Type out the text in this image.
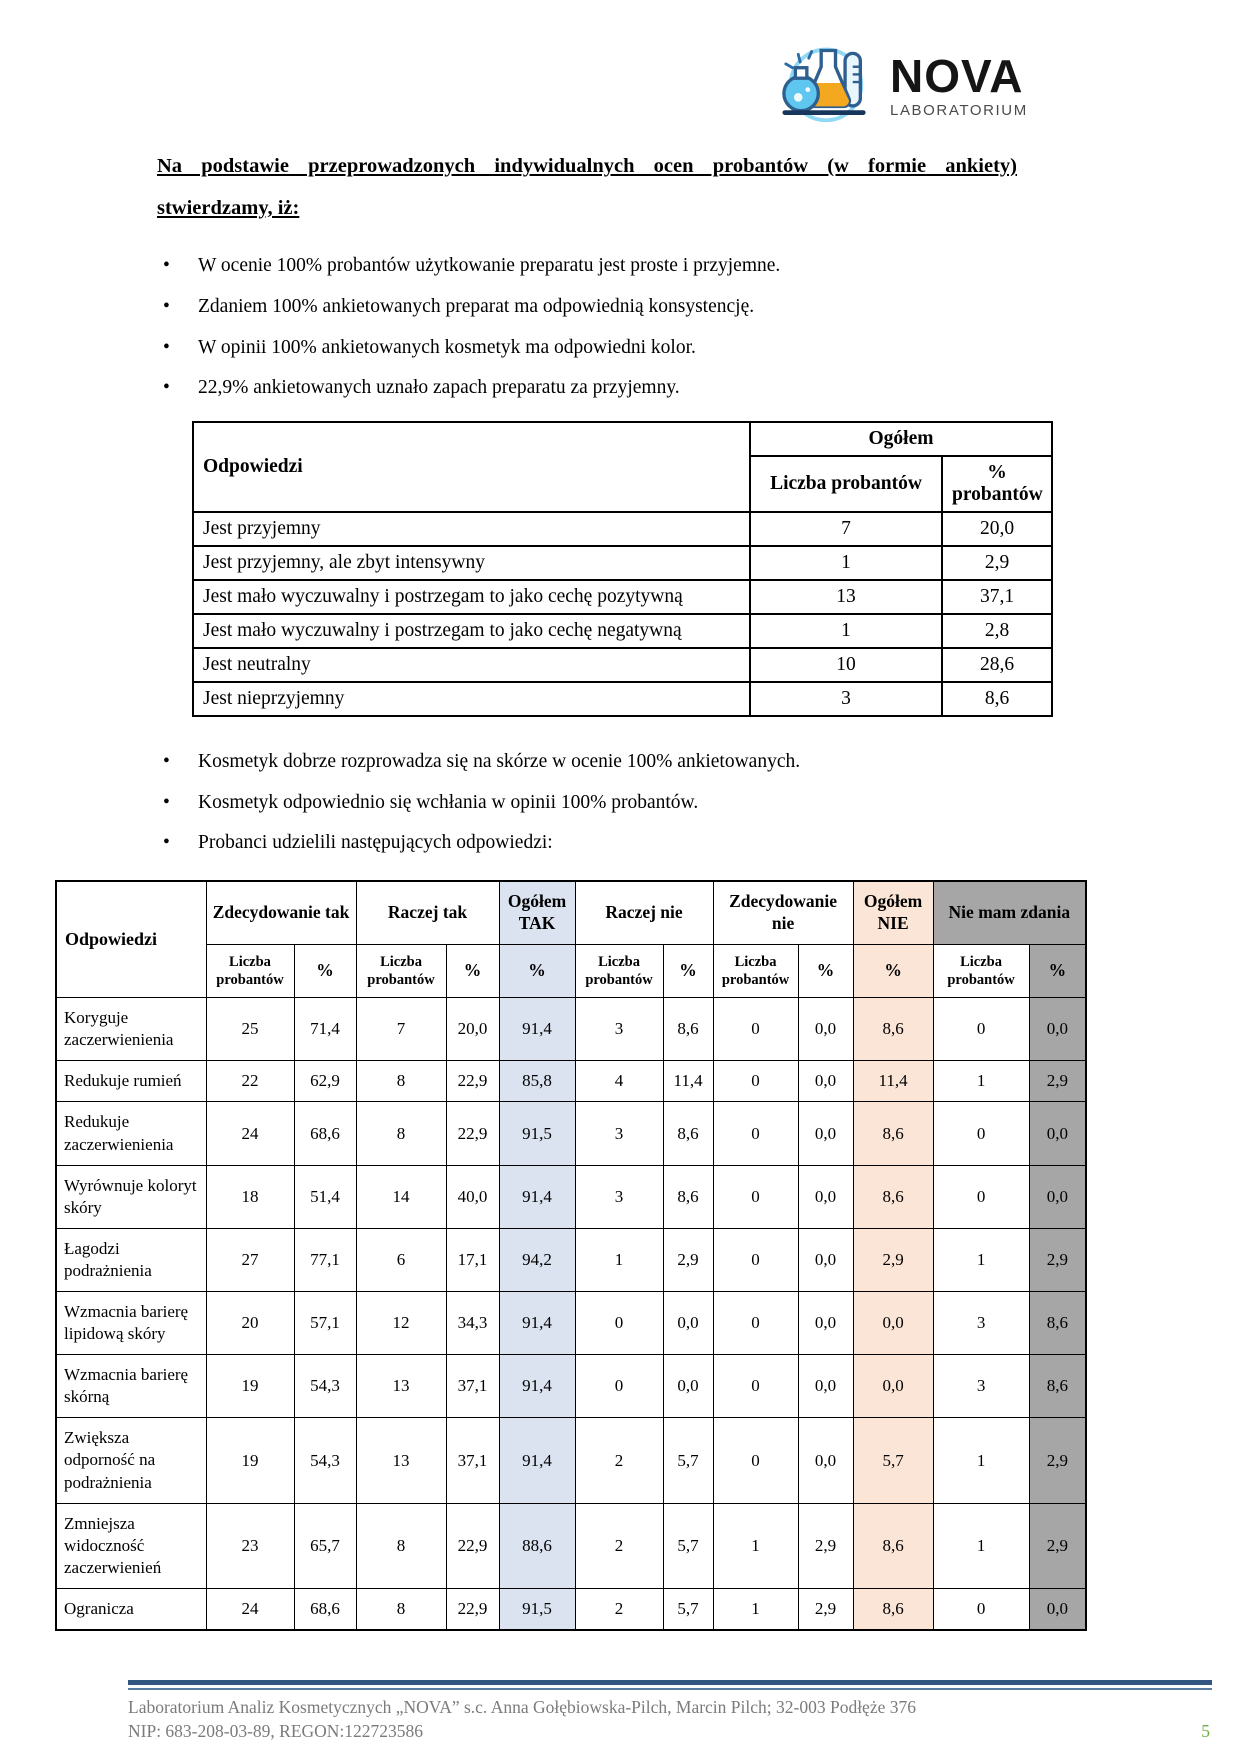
NOVA
LABORATORIUM
Na podstawie przeprowadzonych indywidualnych ocen probantów (w formie ankiety) stwierdzamy, iż:
• W ocenie 100% probantów użytkowanie preparatu jest proste i przyjemne.
• Zdaniem 100% ankietowanych preparat ma odpowiednią konsystencję.
• W opinii 100% ankietowanych kosmetyk ma odpowiedni kolor.
• 22,9% ankietowanych uznało zapach preparatu za przyjemny.
Odpowiedzi	Ogółem	
	Liczba probantów	% probantów
Jest przyjemny	7	20,0
Jest przyjemny, ale zbyt intensywny	1	2,9
Jest mało wyczuwalny i postrzegam to jako cechę pozytywną	13	37,1
Jest mało wyczuwalny i postrzegam to jako cechę negatywną	1	2,8
Jest neutralny	10	28,6
Jest nieprzyjemny	3	8,6
• Kosmetyk dobrze rozprowadza się na skórze w ocenie 100% ankietowanych.
• Kosmetyk odpowiednio się wchłania w opinii 100% probantów.
• Probanci udzielili następujących odpowiedzi:
Odpowiedzi	Zdecydowanie tak		Raczej tak		Ogółem TAK	Raczej nie		Zdecydowanie nie		Ogółem NIE	Nie mam zdania	
	Liczba probantów	%	Liczba probantów	%	%	Liczba probantów	%	Liczba probantów	%	%	Liczba probantów	%
Koryguje zaczerwienienia	25	71,4	7	20,0	91,4	3	8,6	0	0,0	8,6	0	0,0
Redukuje rumień	22	62,9	8	22,9	85,8	4	11,4	0	0,0	11,4	1	2,9
Redukuje zaczerwienienia	24	68,6	8	22,9	91,5	3	8,6	0	0,0	8,6	0	0,0
Wyrównuje koloryt skóry	18	51,4	14	40,0	91,4	3	8,6	0	0,0	8,6	0	0,0
Łagodzi podrażnienia	27	77,1	6	17,1	94,2	1	2,9	0	0,0	2,9	1	2,9
Wzmacnia barierę lipidową skóry	20	57,1	12	34,3	91,4	0	0,0	0	0,0	0,0	3	8,6
Wzmacnia barierę skórną	19	54,3	13	37,1	91,4	0	0,0	0	0,0	0,0	3	8,6
Zwiększa odporność na podrażnienia	19	54,3	13	37,1	91,4	2	5,7	0	0,0	5,7	1	2,9
Zmniejsza widoczność zaczerwienień	23	65,7	8	22,9	88,6	2	5,7	1	2,9	8,6	1	2,9
Ogranicza	24	68,6	8	22,9	91,5	2	5,7	1	2,9	8,6	0	0,0
Laboratorium Analiz Kosmetycznych „NOVA” s.c. Anna Gołębiowska-Pilch, Marcin Pilch; 32-003 Podłęże 376
NIP: 683-208-03-89, REGON:122723586	5
